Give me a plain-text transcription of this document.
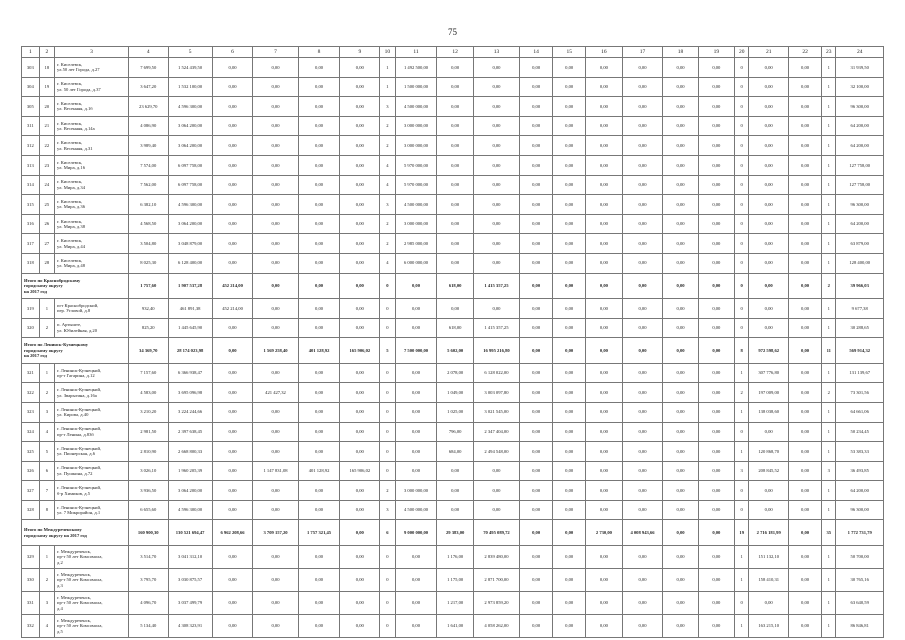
75
1	2	3	4	5	6	7	8	9	10	11	12	13	14	15	16	17	18	19	20	21	22	23	24
303	18	г. Киселевск,
ул.50 лет Города, д.27	7 699,50	1 524 439,50	0,00	0,00	0,00	0,00	1	1 492 500,00	0,00	0,00	0,00	0,00	0,00	0,00	0,00	0,00	0	0,00	0,00	1	31 939,50
304	19	г. Киселевск,
ул. 50 лет Города, д.37	3 647,20	1 532 100,00	0,00	0,00	0,00	0,00	1	1 500 000,00	0,00	0,00	0,00	0,00	0,00	0,00	0,00	0,00	0	0,00	0,00	1	32 100,00
305	20	г. Киселевск,
ул. Весенняя, д.1б	23 629,70	4 596 300,00	0,00	0,00	0,00	0,00	3	4 500 000,00	0,00	0,00	0,00	0,00	0,00	0,00	0,00	0,00	0	0,00	0,00	1	96 300,00
311	21	г. Киселевск,
ул. Весенняя, д.14а	4 086,90	3 064 200,00	0,00	0,00	0,00	0,00	2	3 000 000,00	0,00	0,00	0,00	0,00	0,00	0,00	0,00	0,00	0	0,00	0,00	1	64 200,00
312	22	г. Киселевск,
ул. Весенняя, д.31	3 989,40	3 064 200,00	0,00	0,00	0,00	0,00	2	3 000 000,00	0,00	0,00	0,00	0,00	0,00	0,00	0,00	0,00	0	0,00	0,00	1	64 200,00
313	23	г. Киселевск,
ул. Мира, д.16	7 574,00	6 097 758,00	0,00	0,00	0,00	0,00	4	5 970 000,00	0,00	0,00	0,00	0,00	0,00	0,00	0,00	0,00	0	0,00	0,00	1	127 758,00
314	24	г. Киселевск,
ул. Мира, д.34	7 562,00	6 097 758,00	0,00	0,00	0,00	0,00	4	5 970 000,00	0,00	0,00	0,00	0,00	0,00	0,00	0,00	0,00	0	0,00	0,00	1	127 758,00
315	25	г. Киселевск,
ул. Мира, д.36	6 382,10	4 596 300,00	0,00	0,00	0,00	0,00	3	4 500 000,00	0,00	0,00	0,00	0,00	0,00	0,00	0,00	0,00	0	0,00	0,00	1	96 300,00
316	26	г. Киселевск,
ул. Мира, д.38	4 568,50	3 064 200,00	0,00	0,00	0,00	0,00	2	3 000 000,00	0,00	0,00	0,00	0,00	0,00	0,00	0,00	0,00	0	0,00	0,00	1	64 200,00
317	27	г. Киселевск,
ул. Мира, д.44	3 504,80	3 048 879,00	0,00	0,00	0,00	0,00	2	2 985 000,00	0,00	0,00	0,00	0,00	0,00	0,00	0,00	0,00	0	0,00	0,00	1	63 879,00
318	28	г. Киселевск,
ул. Мира, д.48	8 025,30	6 128 400,00	0,00	0,00	0,00	0,00	4	6 000 000,00	0,00	0,00	0,00	0,00	0,00	0,00	0,00	0,00	0	0,00	0,00	1	128 400,00
Итого по Краснобродскому
городскому округу
на 2017 год			1 757,60	1 907 537,28	452 214,00	0,00	0,00	0,00	0	0,00	618,00	1 415 357,25	0,00	0,00	0,00	0,00	0,00	0,00	0	0,00	0,00	2	39 966,03
319	1	пгт Краснобродский,
пер. Угловой, д.8	932,40	461 891,38	452 214,00	0,00	0,00	0,00	0	0,00	0,00	0,00	0,00	0,00	0,00	0,00	0,00	0,00	0	0,00	0,00	1	9 677,38
320	2	п. Артыште,
ул. Юбилейная, д.20	825,20	1 445 645,90	0,00	0,00	0,00	0,00	0	0,00	618,00	1 415 357,25	0,00	0,00	0,00	0,00	0,00	0,00	0	0,00	0,00	1	30 288,65
Итого по Ленинск-Кузнецкому
городскому округу
на 2017 год			34 369,70	28 174 023,98	0,00	1 569 258,40	401 128,92	165 906,02	5	7 500 000,00	5 602,00	16 995 216,80	0,00	0,00	0,00	0,00	0,00	0,00	8	972 598,62	0,00	11	569 914,32
321	1	г. Ленинск-Кузнецкий,
пр-т Гагарина, д.12	7 157,60	6 366 938,47	0,00	0,00	0,00	0,00	0	0,00	2 078,00	6 128 022,00	0,00	0,00	0,00	0,00	0,00	0,00	1	307 776,80	0,00	1	131 139,67
322	2	г. Ленинск-Кузнецкий,
ул. Зварыгина, д.16а	4 583,00	3 695 096,98	0,00	421 427,32	0,00	0,00	0	0,00	1 049,00	3 003 097,80	0,00	0,00	0,00	0,00	0,00	0,00	2	197 009,00	0,00	2	73 301,56
323	3	г. Ленинск-Кузнецкий,
ул. Кирова, д.40	3 210,20	3 224 244,66	0,00	0,00	0,00	0,00	0	0,00	1 025,00	3 021 545,00	0,00	0,00	0,00	0,00	0,00	0,00	1	138 038,60	0,00	1	64 661,06
324	4	г. Ленинск-Кузнецкий,
пр-т Ленина, д.83б	2 981,50	2 397 638,45	0,00	0,00	0,00	0,00	0	0,00	796,00	2 347 404,00	0,00	0,00	0,00	0,00	0,00	0,00	0	0,00	0,00	1	50 234,45
325	5	г. Ленинск-Кузнецкий,
ул. Пионерская, д.6	2 810,90	2 668 800,33	0,00	0,00	0,00	0,00	0	0,00	684,00	2 494 548,00	0,00	0,00	0,00	0,00	0,00	0,00	1	120 868,70	0,00	1	53 383,33
326	6	г. Ленинск-Кузнецкий,
ул. Пушкина, д.72	3 026,10	1 960 205,39	0,00	1 147 831,08	401 128,92	165 906,02	0	0,00	0,00	0,00	0,00	0,00	0,00	0,00	0,00	0,00	3	208 845,52	0,00	3	36 493,85
327	7	г. Ленинск-Кузнецкий,
б-р Химиков, д.5	3 936,50	3 064 200,00	0,00	0,00	0,00	0,00	2	3 000 000,00	0,00	0,00	0,00	0,00	0,00	0,00	0,00	0,00	0	0,00	0,00	1	64 200,00
328	8	г. Ленинск-Кузнецкий,
ул. 7 Микрорайон, д.1	6 655,60	4 596 300,00	0,00	0,00	0,00	0,00	3	4 500 000,00	0,00	0,00	0,00	0,00	0,00	0,00	0,00	0,00	0	0,00	0,00	1	96 300,00
Итого по Междуреченскому
городскому округу на 2017 год			160 900,30	130 521 694,47	6 962 208,66	3 709 157,20	1 757 321,45	0,00	6	9 000 000,00	29 383,00	70 495 089,72	0,00	0,00	2 730,00	4 008 943,66	0,00	0,00	19	2 716 181,99	0,00	35	1 772 731,79
329	1	г. Междуреченск,
пр-т 50 лет Комсомола,
д.2	3 514,70	3 041 312,10	0,00	0,00	0,00	0,00	0	0,00	1 176,00	2 839 480,00	0,00	0,00	0,00	0,00	0,00	0,00	1	151 132,10	0,00	1	50 700,00
330	2	г. Междуреченск,
пр-т 50 лет Комсомола,
д.3	3 795,70	3 030 875,57	0,00	0,00	0,00	0,00	0	0,00	1 175,00	2 871 700,00	0,00	0,00	0,00	0,00	0,00	0,00	1	158 410,31	0,00	1	30 765,16
331	3	г. Междуреченск,
пр-т 50 лет Комсомола,
д.4	4 096,70	3 037 499,79	0,00	0,00	0,00	0,00	0	0,00	1 217,00	2 973 859,20	0,00	0,00	0,00	0,00	0,00	0,00	0	0,00	0,00	1	63 640,59
332	4	г. Междуреченск,
пр-т 50 лет Комсомола,
д.5	5 134,40	4 308 323,91	0,00	0,00	0,00	0,00	0	0,00	1 641,00	4 058 262,00	0,00	0,00	0,00	0,00	0,00	0,00	1	163 215,10	0,00	1	86 846,81
